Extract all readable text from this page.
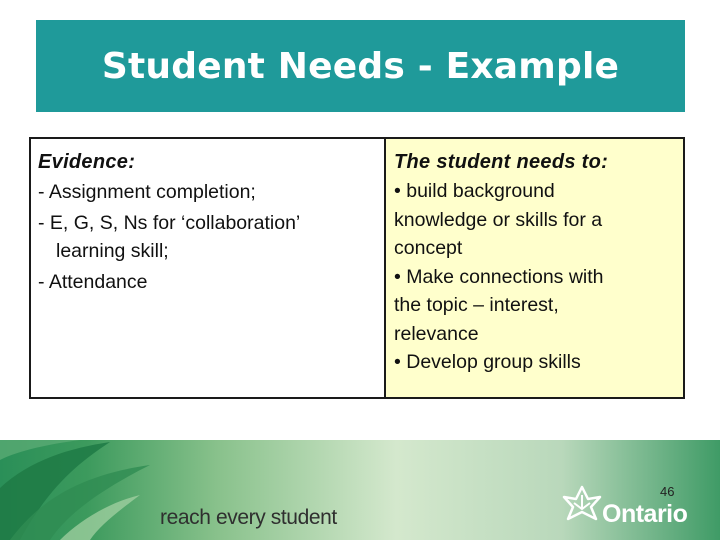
Student Needs - Example
Evidence:
- Assignment completion;
- E, G, S, Ns for ‘collaboration’
learning skill;
- Attendance
The student needs to:
• build background
knowledge or skills for a
concept
• Make connections with
the topic – interest,
relevance
• Develop group skills
reach every student
46
Ontario
